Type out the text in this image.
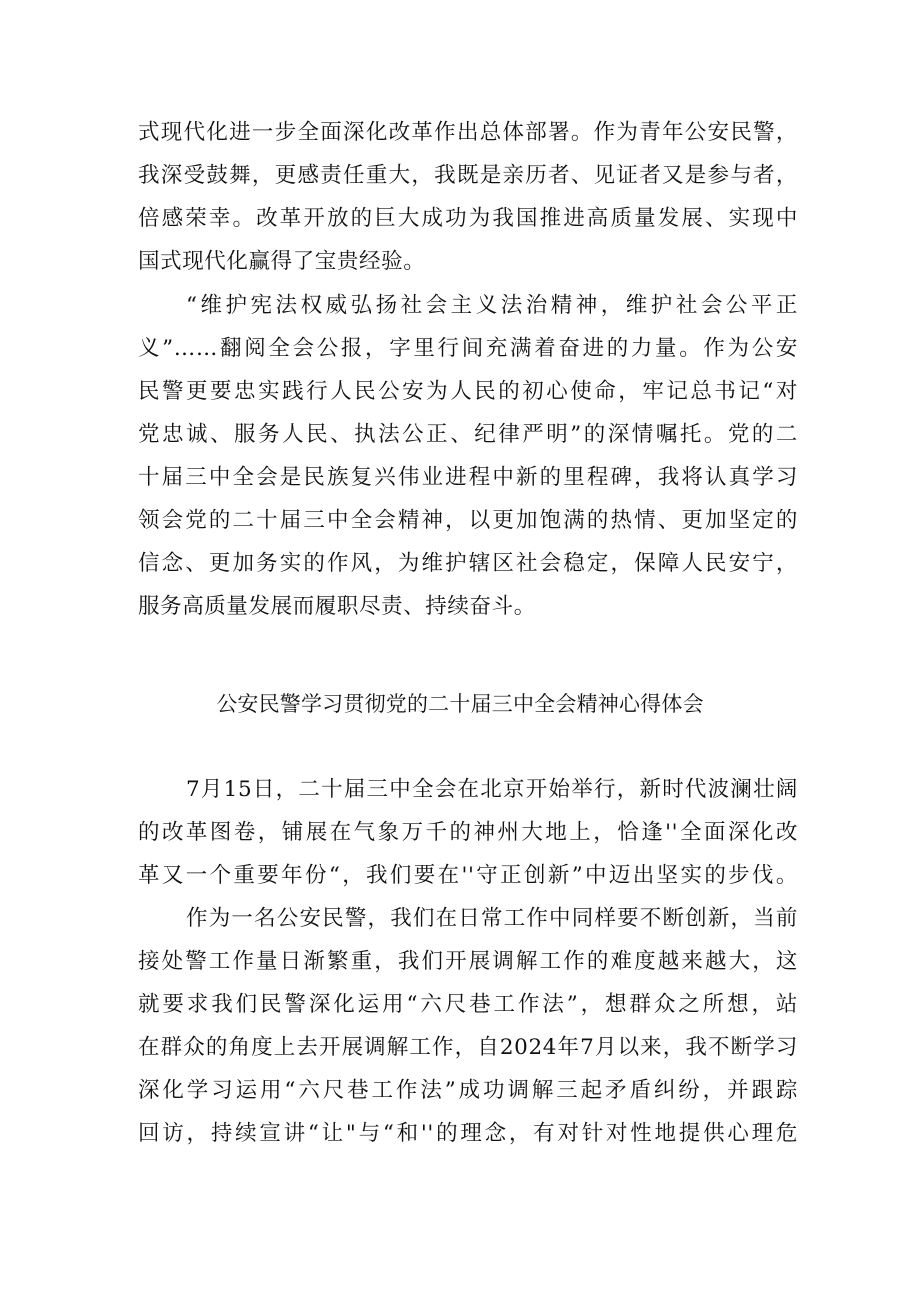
式现代化进一步全面深化改革作出总体部署。作为青年公安民警，
我深受鼓舞，更感责任重大，我既是亲历者、见证者又是参与者，
倍感荣幸。改革开放的巨大成功为我国推进高质量发展、实现中
国式现代化赢得了宝贵经验。
“维护宪法权威弘扬社会主义法治精神，维护社会公平正
义”……翻阅全会公报，字里行间充满着奋进的力量。作为公安
民警更要忠实践行人民公安为人民的初心使命，牢记总书记“对
党忠诚、服务人民、执法公正、纪律严明”的深情嘱托。党的二
十届三中全会是民族复兴伟业进程中新的里程碑，我将认真学习
领会党的二十届三中全会精神，以更加饱满的热情、更加坚定的
信念、更加务实的作风，为维护辖区社会稳定，保障人民安宁，
服务高质量发展而履职尽责、持续奋斗。
公安民警学习贯彻党的二十届三中全会精神心得体会
7月15日，二十届三中全会在北京开始举行，新时代波澜壮阔
的改革图卷，铺展在气象万千的神州大地上，恰逢''全面深化改
革又一个重要年份“，我们要在''守正创新”中迈出坚实的步伐。
作为一名公安民警，我们在日常工作中同样要不断创新，当前
接处警工作量日渐繁重，我们开展调解工作的难度越来越大，这
就要求我们民警深化运用“六尺巷工作法”，想群众之所想，站
在群众的角度上去开展调解工作，自2024年7月以来，我不断学习
深化学习运用“六尺巷工作法”成功调解三起矛盾纠纷，并跟踪
回访，持续宣讲“让"与“和''的理念，有对针对性地提供心理危
